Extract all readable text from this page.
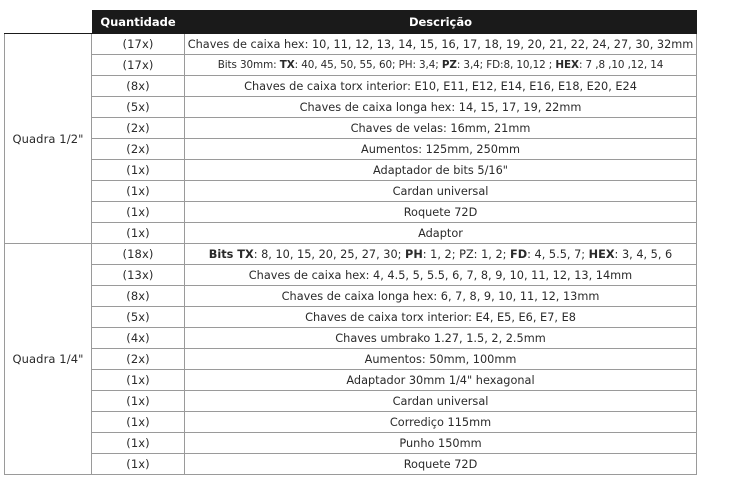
	Quantidade	Descrição
Quadra 1/2"	(17x)	Chaves de caixa hex: 10, 11, 12, 13, 14, 15, 16, 17, 18, 19, 20, 21, 22, 24, 27, 30, 32mm
	(17x)	Bits 30mm: TX: 40, 45, 50, 55, 60; PH: 3,4; PZ: 3,4; FD:8, 10,12 ; HEX: 7 ,8 ,10 ,12, 14
	(8x)	Chaves de caixa torx interior: E10, E11, E12, E14, E16, E18, E20, E24
	(5x)	Chaves de caixa longa hex: 14, 15, 17, 19, 22mm
	(2x)	Chaves de velas: 16mm, 21mm
	(2x)	Aumentos: 125mm, 250mm
	(1x)	Adaptador de bits 5/16"
	(1x)	Cardan universal
	(1x)	Roquete 72D
	(1x)	Adaptor
Quadra 1/4"	(18x)	Bits TX: 8, 10, 15, 20, 25, 27, 30; PH: 1, 2; PZ: 1, 2; FD: 4, 5.5, 7; HEX: 3, 4, 5, 6
	(13x)	Chaves de caixa hex: 4, 4.5, 5, 5.5, 6, 7, 8, 9, 10, 11, 12, 13, 14mm
	(8x)	Chaves de caixa longa hex: 6, 7, 8, 9, 10, 11, 12, 13mm
	(5x)	Chaves de caixa torx interior: E4, E5, E6, E7, E8
	(4x)	Chaves umbrako 1.27, 1.5, 2, 2.5mm
	(2x)	Aumentos: 50mm, 100mm
	(1x)	Adaptador 30mm 1/4" hexagonal
	(1x)	Cardan universal
	(1x)	Corrediço 115mm
	(1x)	Punho 150mm
	(1x)	Roquete 72D
